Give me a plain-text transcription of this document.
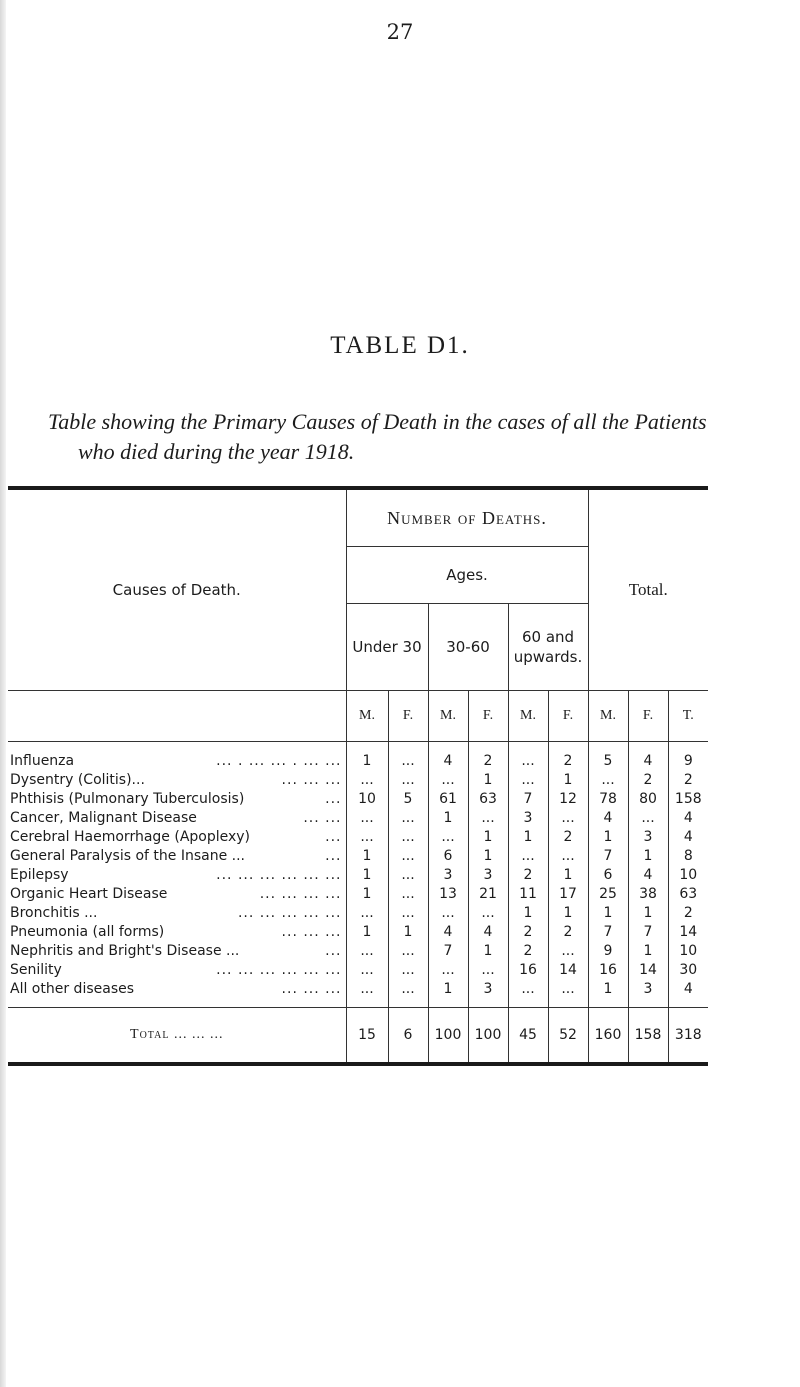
27
TABLE D1.
Table showing the Primary Causes of Death in the cases of all the Patients
who died during the year 1918.
Causes of Death.	Number of Deaths.						Total.		
	Ages.								
	Under 30		30-60		60 and upwards.				
	M.	F.	M.	F.	M.	F.	M.	F.	T.

Influenza ... . ... ... . ... ...	1	...	4	2	...	2	5	4	9

Dysentry (Colitis)... ... ... ...	...	...	...	1	...	1	...	2	2

Phthisis (Pulmonary Tuberculosis) ...	10	5	61	63	7	12	78	80	158

Cancer, Malignant Disease ... ...	...	...	1	...	3	...	4	...	4

Cerebral Haemorrhage (Apoplexy) ...	...	...	...	1	1	2	1	3	4

General Paralysis of the Insane ... ...	1	...	6	1	...	...	7	1	8

Epilepsy ... ... ... ... ... ...	1	...	3	3	2	1	6	4	10

Organic Heart Disease ... ... ... ...	1	...	13	21	11	17	25	38	63

Bronchitis ... ... ... ... ... ...	...	...	...	...	1	1	1	1	2

Pneumonia (all forms) ... ... ...	1	1	4	4	2	2	7	7	14

Nephritis and Bright's Disease ... ...	...	...	7	1	2	...	9	1	10

Senility ... ... ... ... ... ...	...	...	...	...	16	14	16	14	30

All other diseases ... ... ...	...	...	1	3	...	...	1	3	4
Total ... ... ...	15	6	100	100	45	52	160	158	318
